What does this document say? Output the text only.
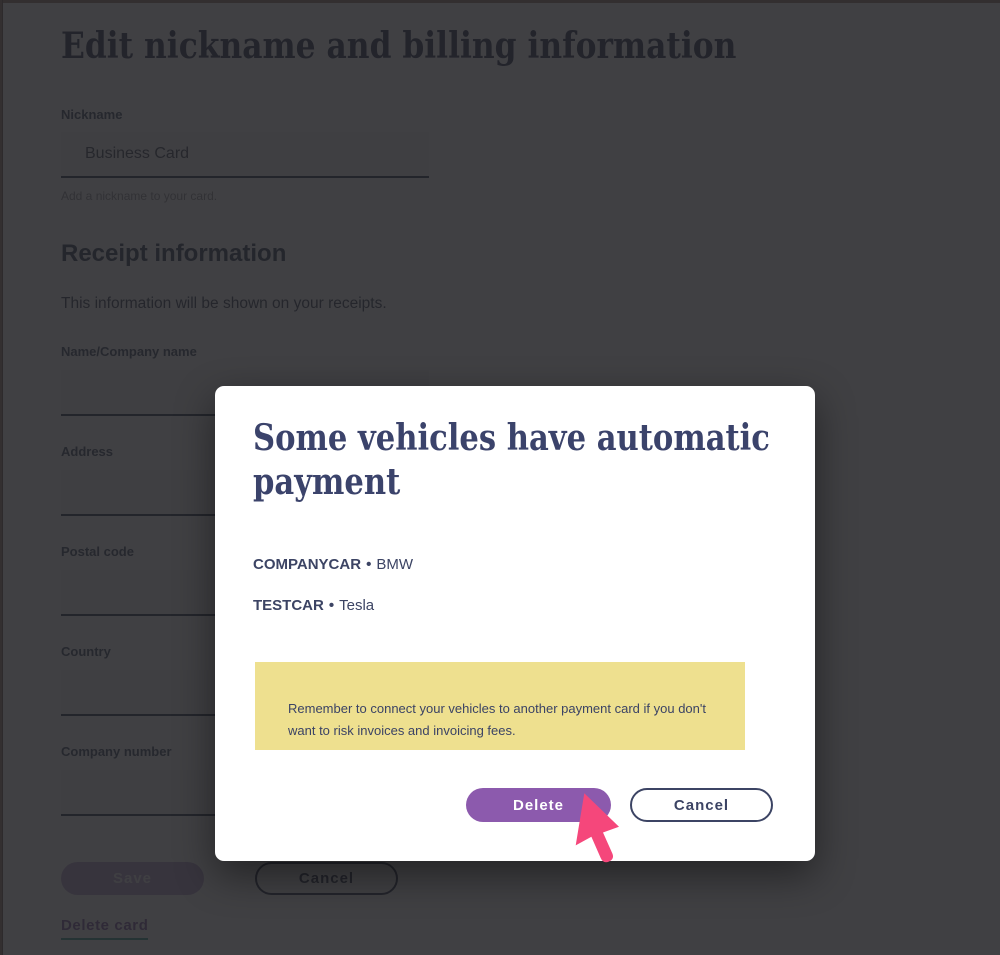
Business Card

Some vehicles have automatic payment
COMPANYCAR • BMW
TESTCAR • Tesla
Remember to connect your vehicles to another payment card if you don't want to risk invoices and invoicing fees.
Delete	Cancel
